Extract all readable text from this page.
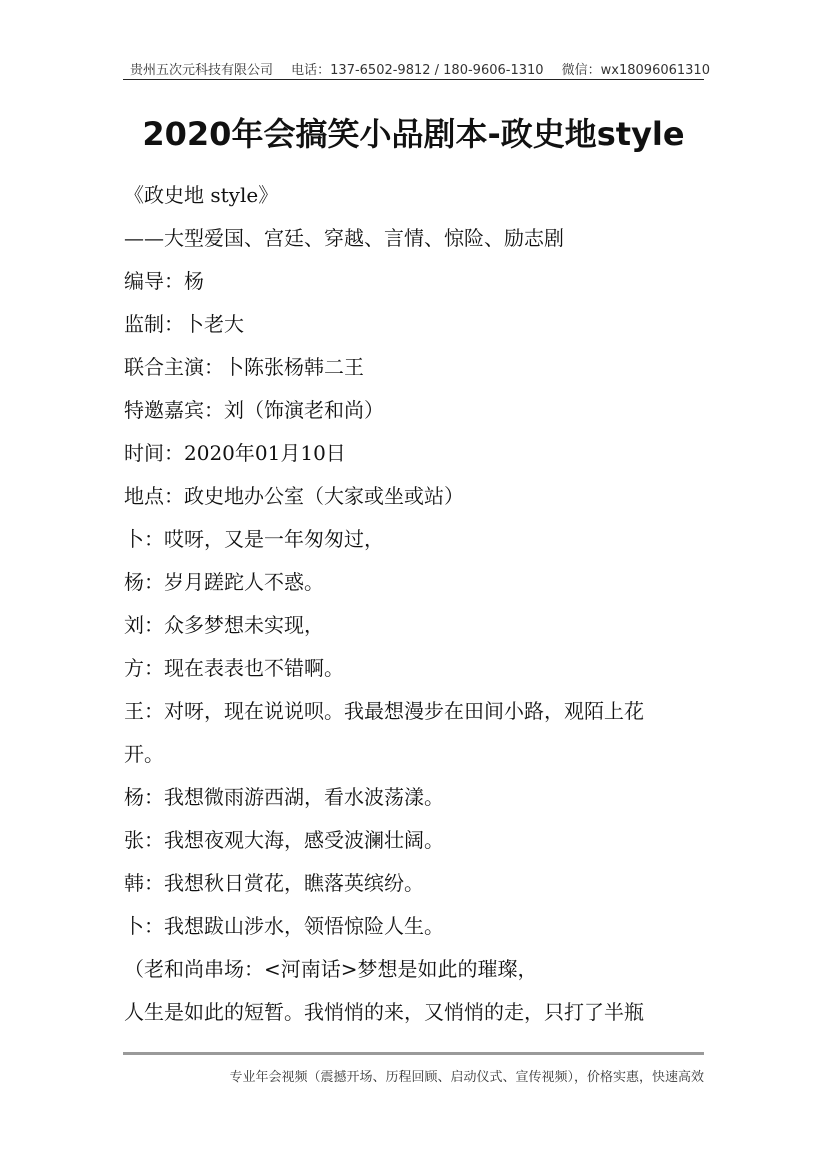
贵州五次元科技有限公司 电话：137-6502-9812 / 180-9606-1310 微信：wx18096061310
2020年会搞笑小品剧本-政史地style
《政史地 style》
——大型爱国、宫廷、穿越、言情、惊险、励志剧
编导：杨
监制：卜老大
联合主演：卜陈张杨韩二王
特邀嘉宾：刘（饰演老和尚）
时间：2020年01月10日
地点：政史地办公室（大家或坐或站）
卜：哎呀，又是一年匆匆过，
杨：岁月蹉跎人不惑。
刘：众多梦想未实现，
方：现在表表也不错啊。
王：对呀，现在说说呗。我最想漫步在田间小路，观陌上花
开。
杨：我想微雨游西湖，看水波荡漾。
张：我想夜观大海，感受波澜壮阔。
韩：我想秋日赏花，瞧落英缤纷。
卜：我想跋山涉水，领悟惊险人生。
（老和尚串场：<河南话>梦想是如此的璀璨，
人生是如此的短暂。我悄悄的来，又悄悄的走，只打了半瓶
专业年会视频（震撼开场、历程回顾、启动仪式、宣传视频），价格实惠，快速高效
